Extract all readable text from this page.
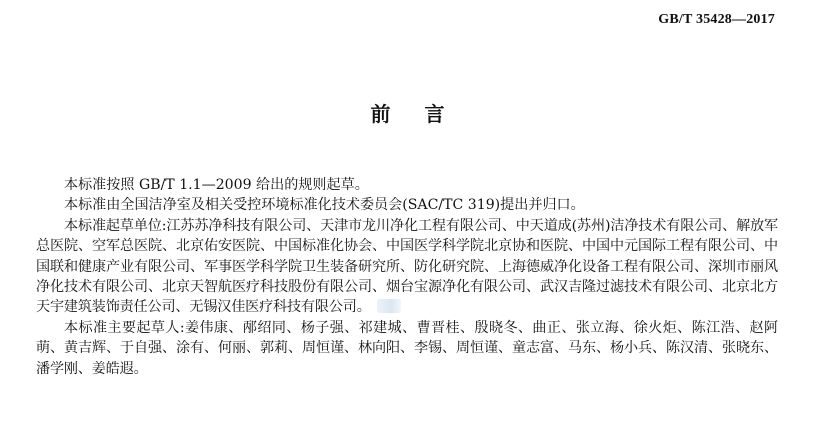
GB/T 35428—2017
前言

本标准按照 GB/T 1.1—2009 给出的规则起草。

本标准由全国洁净室及相关受控环境标准化技术委员会(SAC/TC 319)提出并归口。

本标准起草单位:江苏苏净科技有限公司、天津市龙川净化工程有限公司、中天道成(苏州)洁净技术有限公司、解放军总医院、空军总医院、北京佑安医院、中国标准化协会、中国医学科学院北京协和医院、中国中元国际工程有限公司、中国联和健康产业有限公司、军事医学科学院卫生装备研究所、防化研究院、上海德威净化设备工程有限公司、深圳市丽风净化技术有限公司、北京天智航医疗科技股份有限公司、烟台宝源净化有限公司、武汉吉隆过滤技术有限公司、北京北方天宇建筑装饰责任公司、无锡汉佳医疗科技有限公司。

本标准主要起草人:姜伟康、邴绍同、杨子强、祁建城、曹晋桂、殷晓冬、曲正、张立海、徐火炬、陈江浩、赵阿萌、黄吉辉、于自强、涂有、何丽、郭莉、周恒谨、林向阳、李锡、周恒谨、童志富、马东、杨小兵、陈汉清、张晓东、潘学刚、姜皓遐。
